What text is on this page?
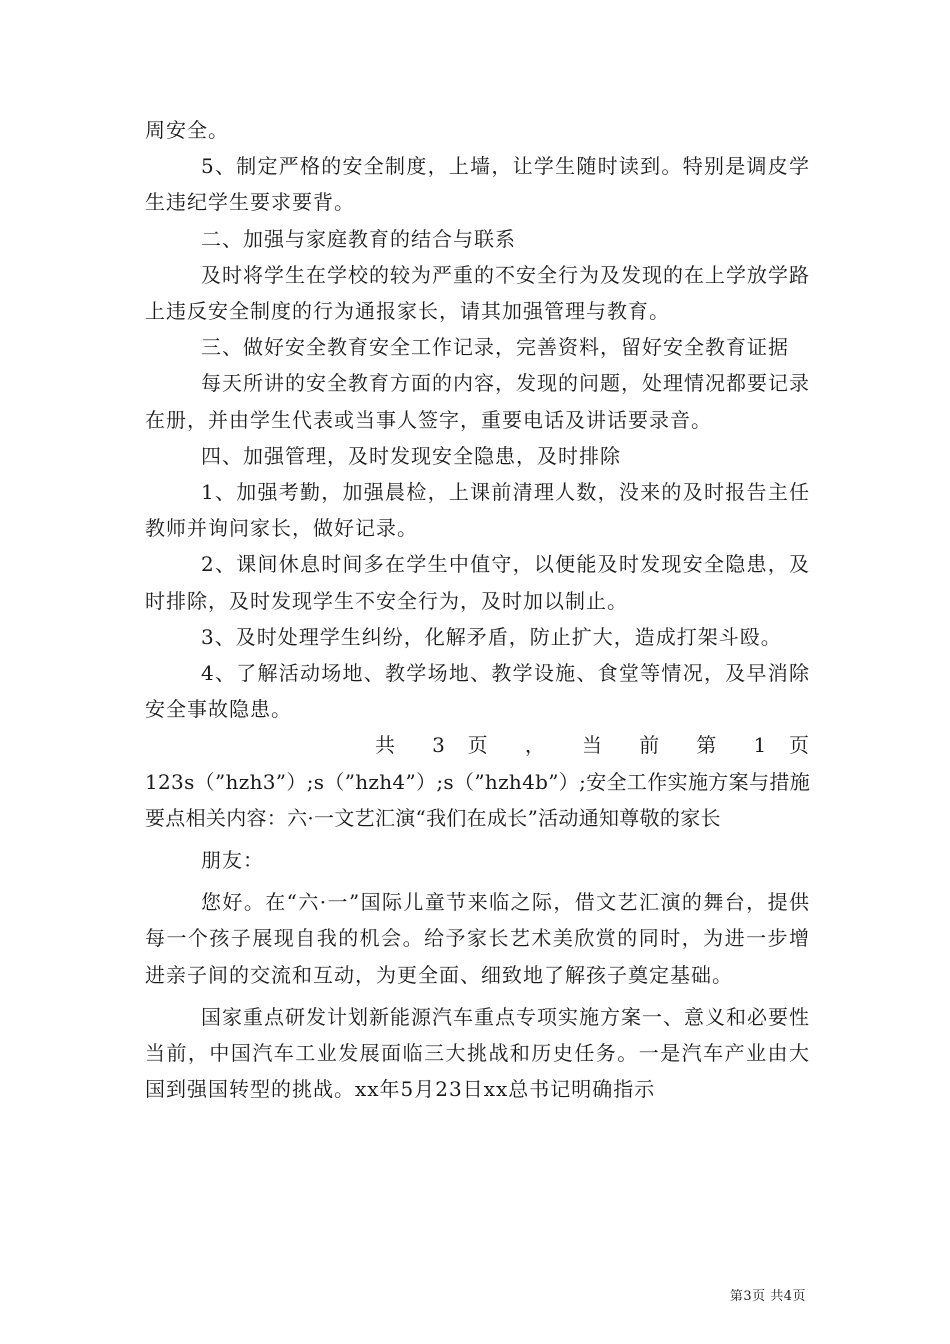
周安全。

5、制定严格的安全制度，上墙，让学生随时读到。特别是调皮学生违纪学生要求要背。

二、加强与家庭教育的结合与联系

及时将学生在学校的较为严重的不安全行为及发现的在上学放学路上违反安全制度的行为通报家长，请其加强管理与教育。

三、做好安全教育安全工作记录，完善资料，留好安全教育证据

每天所讲的安全教育方面的内容，发现的问题，处理情况都要记录在册，并由学生代表或当事人签字，重要电话及讲话要录音。

四、加强管理，及时发现安全隐患，及时排除

1、加强考勤，加强晨检，上课前清理人数，没来的及时报告主任教师并询问家长，做好记录。

2、课间休息时间多在学生中值守，以便能及时发现安全隐患，及时排除，及时发现学生不安全行为，及时加以制止。

3、及时处理学生纠纷，化解矛盾，防止扩大，造成打架斗殴。

4、了解活动场地、教学场地、教学设施、食堂等情况，及早消除安全事故隐患。

共 3 页 ， 当 前 第 1 页

123s（”hzh3”）;s（”hzh4”）;s（”hzh4b”）;安全工作实施方案与措施要点相关内容：六·一文艺汇演“我们在成长”活动通知尊敬的家长

朋友：

您好。在“六·一”国际儿童节来临之际，借文艺汇演的舞台，提供每一个孩子展现自我的机会。给予家长艺术美欣赏的同时，为进一步增进亲子间的交流和互动，为更全面、细致地了解孩子奠定基础。

国家重点研发计划新能源汽车重点专项实施方案一、意义和必要性当前，中国汽车工业发展面临三大挑战和历史任务。一是汽车产业由大国到强国转型的挑战。xx年5月23日xx总书记明确指示

第3页 共4页
